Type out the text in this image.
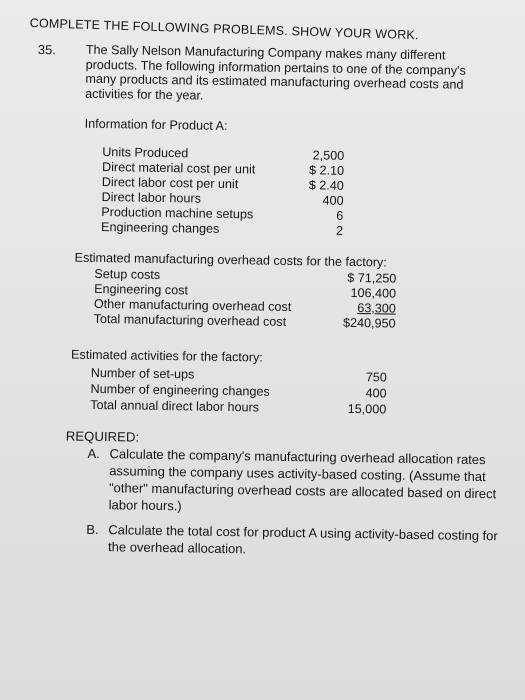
COMPLETE THE FOLLOWING PROBLEMS. SHOW YOUR WORK.
35. The Sally Nelson Manufacturing Company makes many different products. The following information pertains to one of the company's many products and its estimated manufacturing overhead costs and activities for the year.
Information for Product A:
Units Produced	2,500
Direct material cost per unit	$ 2.10
Direct labor cost per unit	$ 2.40
Direct labor hours	400
Production machine setups	6
Engineering changes	2
Estimated manufacturing overhead costs for the factory:
Setup costs	$ 71,250
Engineering cost	106,400
Other manufacturing overhead cost	63,300
Total manufacturing overhead cost	$240,950
Estimated activities for the factory:
Number of set-ups	750
Number of engineering changes	400
Total annual direct labor hours	15,000
REQUIRED:
A. Calculate the company's manufacturing overhead allocation rates assuming the company uses activity-based costing. (Assume that "other" manufacturing overhead costs are allocated based on direct labor hours.)
B. Calculate the total cost for product A using activity-based costing for the overhead allocation.
